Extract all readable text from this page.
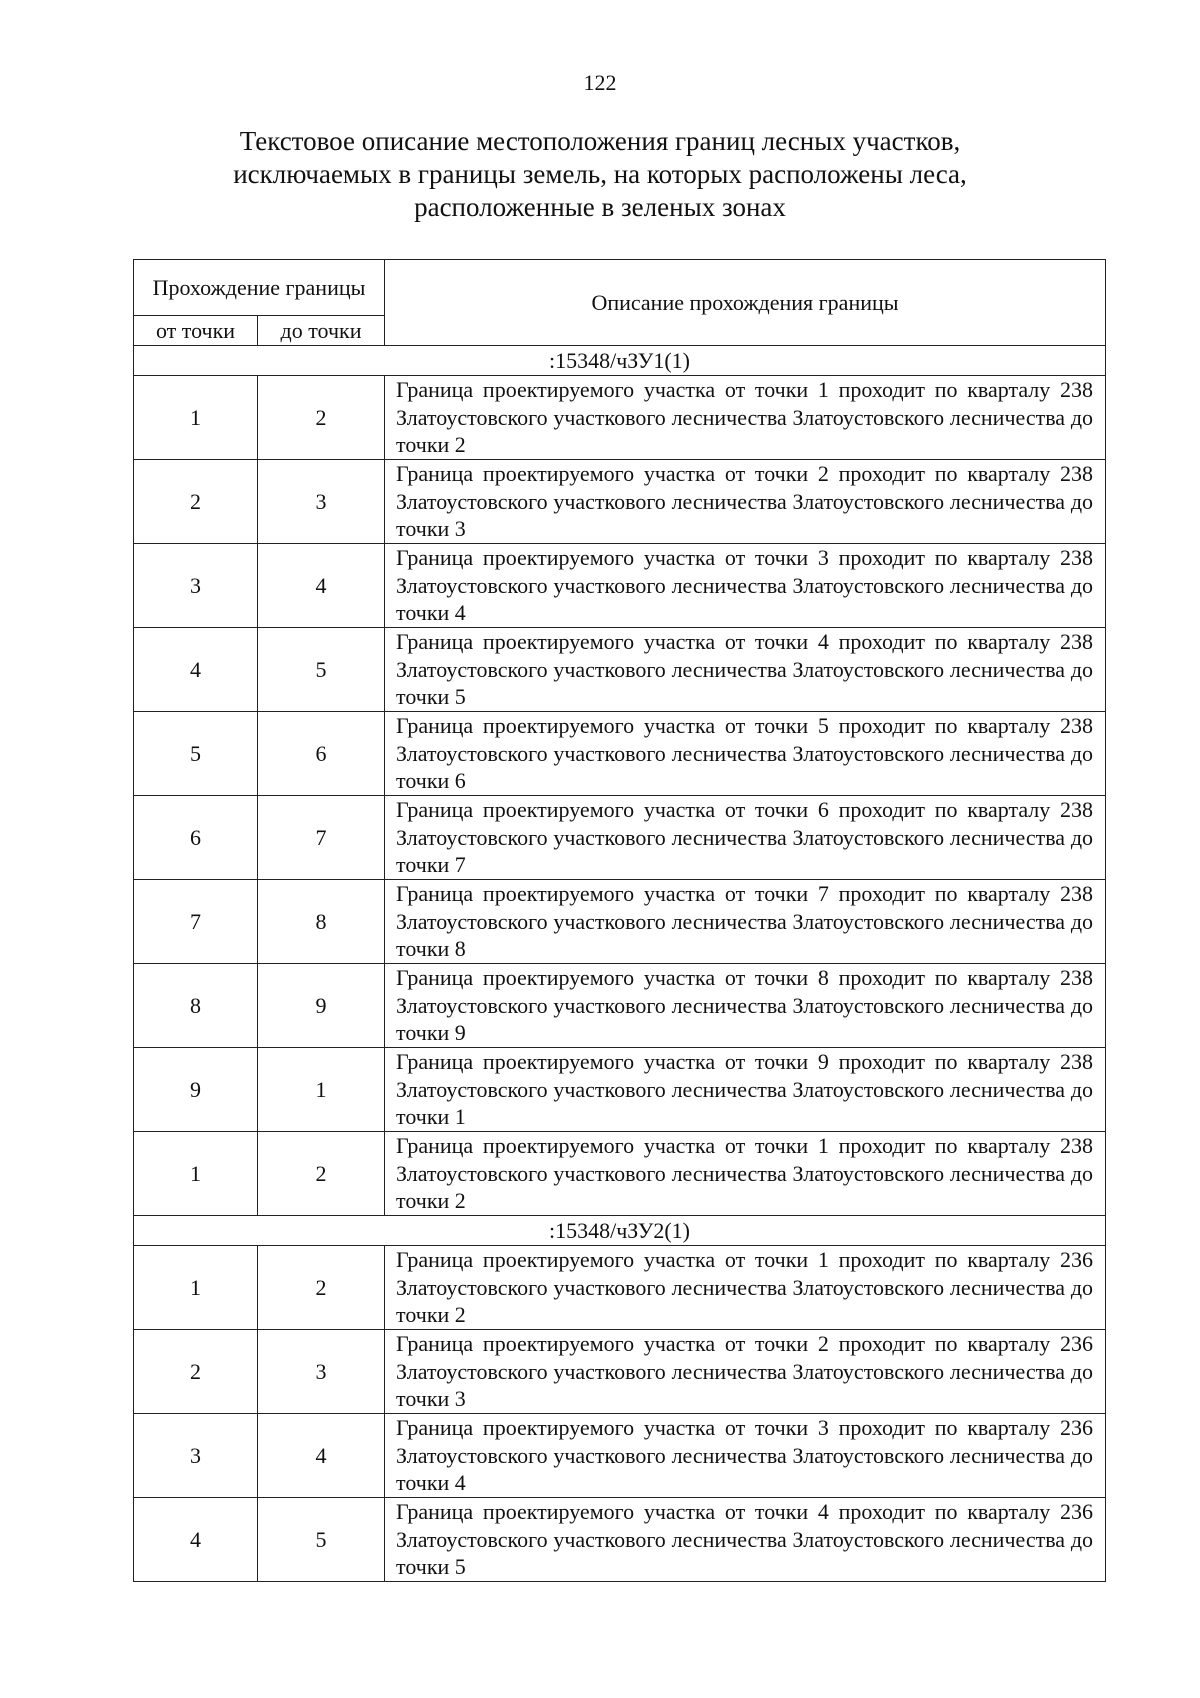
122
Текстовое описание местоположения границ лесных участков,
исключаемых в границы земель, на которых расположены леса,
расположенные в зеленых зонах
Прохождение границы		Описание прохождения границы
от точки	до точки	
:15348/чЗУ1(1)		
1	2	Граница проектируемого участка от точки 1 проходит по кварталу 238 Златоустовского участкового лесничества Златоустовского лесничества до точки 2
2	3	Граница проектируемого участка от точки 2 проходит по кварталу 238 Златоустовского участкового лесничества Златоустовского лесничества до точки 3
3	4	Граница проектируемого участка от точки 3 проходит по кварталу 238 Златоустовского участкового лесничества Златоустовского лесничества до точки 4
4	5	Граница проектируемого участка от точки 4 проходит по кварталу 238 Златоустовского участкового лесничества Златоустовского лесничества до точки 5
5	6	Граница проектируемого участка от точки 5 проходит по кварталу 238 Златоустовского участкового лесничества Златоустовского лесничества до точки 6
6	7	Граница проектируемого участка от точки 6 проходит по кварталу 238 Златоустовского участкового лесничества Златоустовского лесничества до точки 7
7	8	Граница проектируемого участка от точки 7 проходит по кварталу 238 Златоустовского участкового лесничества Златоустовского лесничества до точки 8
8	9	Граница проектируемого участка от точки 8 проходит по кварталу 238 Златоустовского участкового лесничества Златоустовского лесничества до точки 9
9	1	Граница проектируемого участка от точки 9 проходит по кварталу 238 Златоустовского участкового лесничества Златоустовского лесничества до точки 1
1	2	Граница проектируемого участка от точки 1 проходит по кварталу 238 Златоустовского участкового лесничества Златоустовского лесничества до точки 2
:15348/чЗУ2(1)		
1	2	Граница проектируемого участка от точки 1 проходит по кварталу 236 Златоустовского участкового лесничества Златоустовского лесничества до точки 2
2	3	Граница проектируемого участка от точки 2 проходит по кварталу 236 Златоустовского участкового лесничества Златоустовского лесничества до точки 3
3	4	Граница проектируемого участка от точки 3 проходит по кварталу 236 Златоустовского участкового лесничества Златоустовского лесничества до точки 4
4	5	Граница проектируемого участка от точки 4 проходит по кварталу 236 Златоустовского участкового лесничества Златоустовского лесничества до точки 5
